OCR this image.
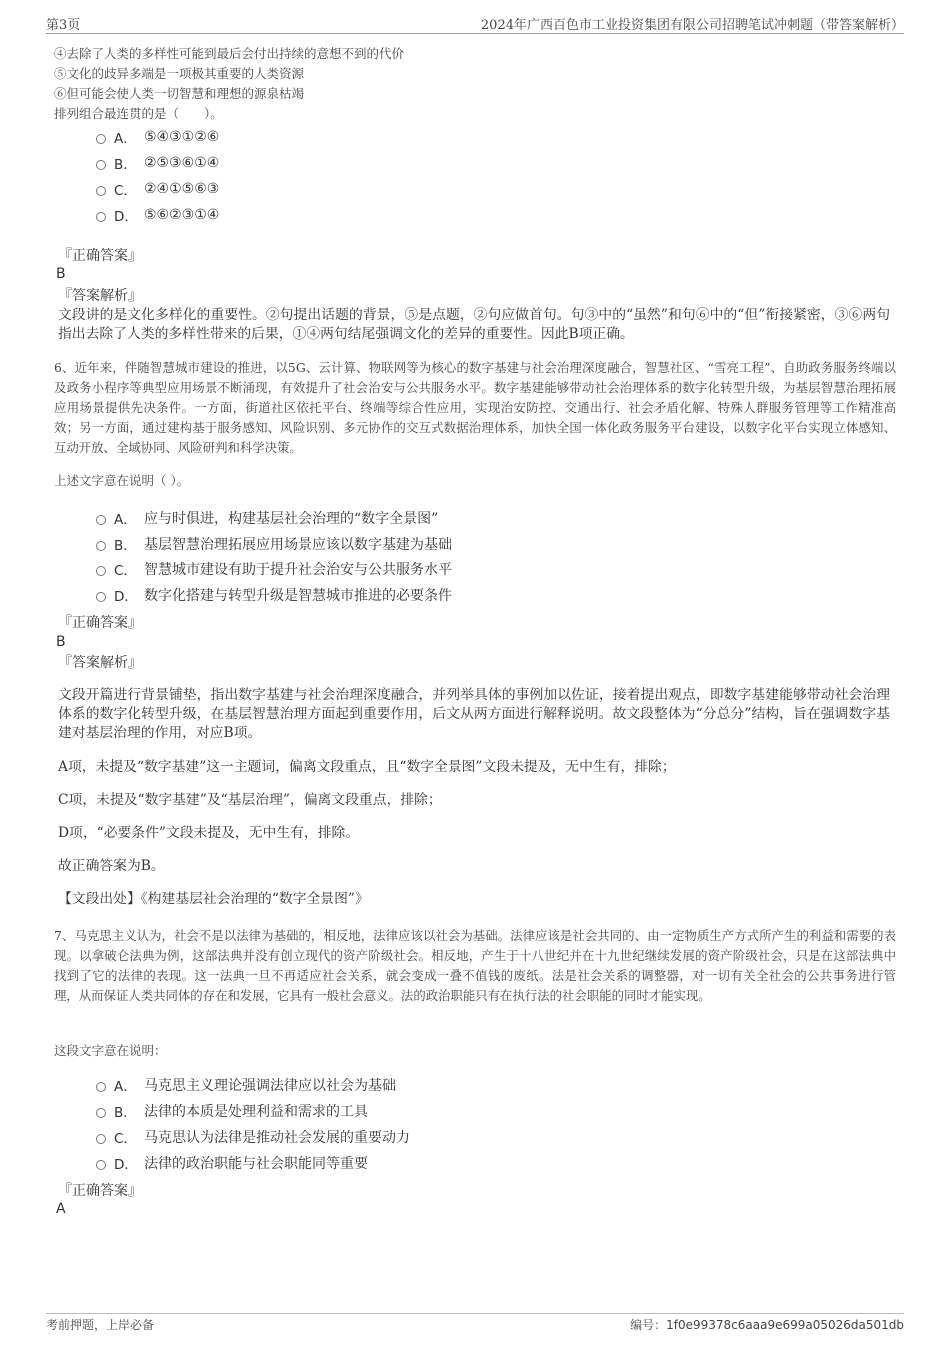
第3页	2024年广西百色市工业投资集团有限公司招聘笔试冲刺题（带答案解析）
④去除了人类的多样性可能到最后会付出持续的意想不到的代价
⑤文化的歧异多端是一项极其重要的人类资源
⑥但可能会使人类一切智慧和理想的源泉枯竭
排列组合最连贯的是（　　）。
A． ⑤④③①②⑥
B． ②⑤③⑥①④
C． ②④①⑤⑥③
D． ⑤⑥②③①④
『正确答案』
B
『答案解析』
文段讲的是文化多样化的重要性。②句提出话题的背景，⑤是点题，②句应做首句。句③中的“虽然”和句⑥中的“但”衔接紧密，③⑥两句指出去除了人类的多样性带来的后果，①④两句结尾强调文化的差异的重要性。因此B项正确。
6、近年来，伴随智慧城市建设的推进，以5G、云计算、物联网等为核心的数字基建与社会治理深度融合，智慧社区、“雪亮工程”、自助政务服务终端以及政务小程序等典型应用场景不断涌现，有效提升了社会治安与公共服务水平。数字基建能够带动社会治理体系的数字化转型升级，为基层智慧治理拓展应用场景提供先决条件。一方面，街道社区依托平台、终端等综合性应用，实现治安防控、交通出行、社会矛盾化解、特殊人群服务管理等工作精准高效；另一方面，通过建构基于服务感知、风险识别、多元协作的交互式数据治理体系，加快全国一体化政务服务平台建设，以数字化平台实现立体感知、互动开放、全域协同、风险研判和科学决策。
上述文字意在说明（ ）。
A． 应与时俱进，构建基层社会治理的“数字全景图”
B． 基层智慧治理拓展应用场景应该以数字基建为基础
C． 智慧城市建设有助于提升社会治安与公共服务水平
D． 数字化搭建与转型升级是智慧城市推进的必要条件
『正确答案』
B
『答案解析』
文段开篇进行背景铺垫，指出数字基建与社会治理深度融合，并列举具体的事例加以佐证，接着提出观点，即数字基建能够带动社会治理体系的数字化转型升级，在基层智慧治理方面起到重要作用，后文从两方面进行解释说明。故文段整体为“分总分”结构，旨在强调数字基建对基层治理的作用，对应B项。
A项，未提及“数字基建”这一主题词，偏离文段重点，且“数字全景图”文段未提及，无中生有，排除；
C项，未提及“数字基建”及“基层治理”，偏离文段重点，排除；
D项，“必要条件”文段未提及，无中生有，排除。
故正确答案为B。
【文段出处】《构建基层社会治理的“数字全景图”》
7、马克思主义认为，社会不是以法律为基础的，相反地，法律应该以社会为基础。法律应该是社会共同的、由一定物质生产方式所产生的利益和需要的表现。以拿破仑法典为例，这部法典并没有创立现代的资产阶级社会。相反地，产生于十八世纪并在十九世纪继续发展的资产阶级社会，只是在这部法典中找到了它的法律的表现。这一法典一旦不再适应社会关系，就会变成一叠不值钱的废纸。法是社会关系的调整器，对一切有关全社会的公共事务进行管理，从而保证人类共同体的存在和发展，它具有一般社会意义。法的政治职能只有在执行法的社会职能的同时才能实现。
这段文字意在说明：
A． 马克思主义理论强调法律应以社会为基础
B． 法律的本质是处理利益和需求的工具
C． 马克思认为法律是推动社会发展的重要动力
D． 法律的政治职能与社会职能同等重要
『正确答案』
A
考前押题，上岸必备	编号：1f0e99378c6aaa9e699a05026da501db
